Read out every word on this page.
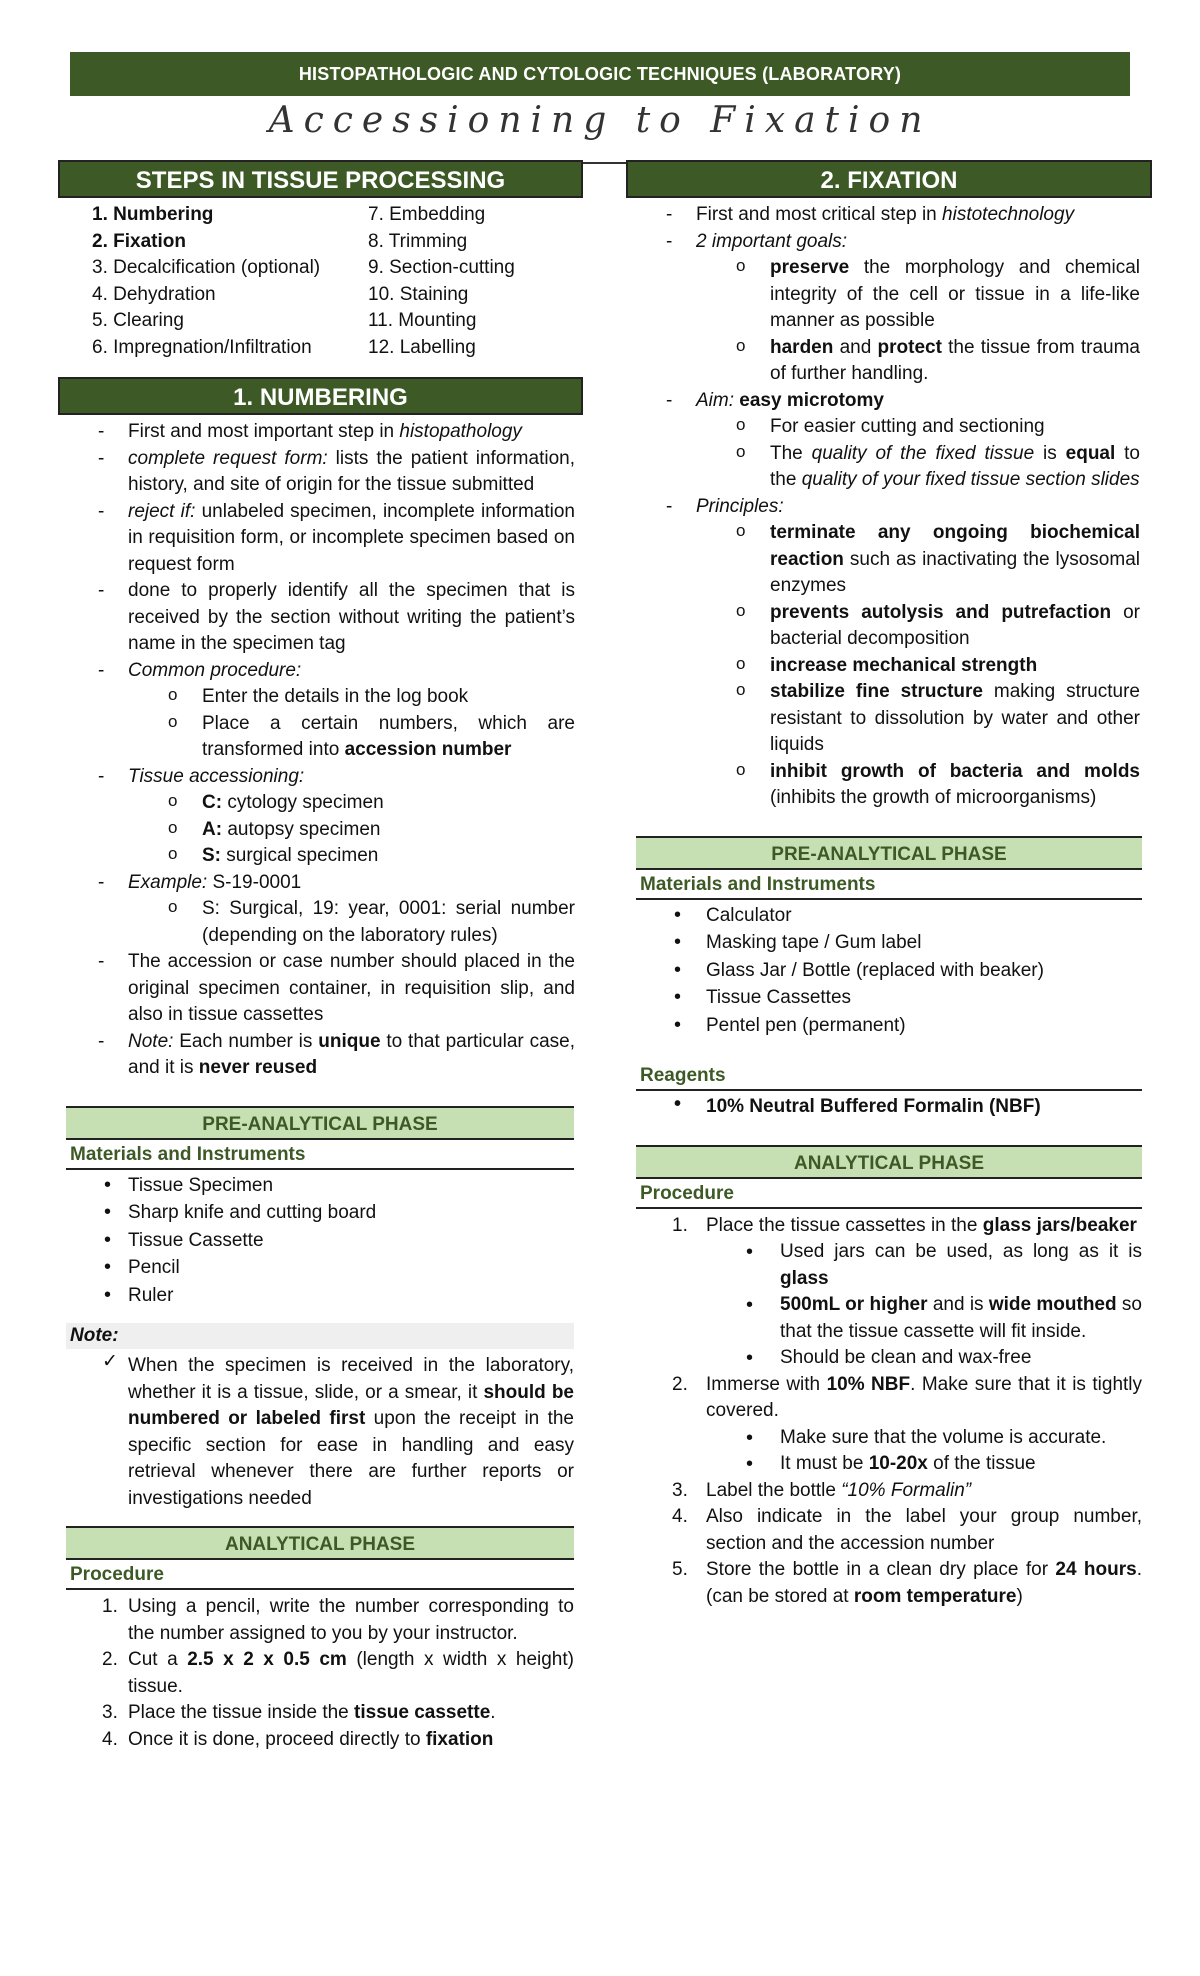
HISTOPATHOLOGIC AND CYTOLOGIC TECHNIQUES (LABORATORY)
Accessioning to Fixation
STEPS IN TISSUE PROCESSING
1. Numbering
2. Fixation
3. Decalcification (optional)
4. Dehydration
5. Clearing
6. Impregnation/Infiltration
7. Embedding
8. Trimming
9. Section-cutting
10. Staining
11. Mounting
12. Labelling
1. NUMBERING
- First and most important step in histopathology
- complete request form: lists the patient information, history, and site of origin for the tissue submitted
- reject if: unlabeled specimen, incomplete information in requisition form, or incomplete specimen based on request form
- done to properly identify all the specimen that is received by the section without writing the patient’s name in the specimen tag
- Common procedure:
o Enter the details in the log book
o Place a certain numbers, which are transformed into accession number
- Tissue accessioning:
o C: cytology specimen
o A: autopsy specimen
o S: surgical specimen
- Example: S-19-0001
o S: Surgical, 19: year, 0001: serial number (depending on the laboratory rules)
- The accession or case number should placed in the original specimen container, in requisition slip, and also in tissue cassettes
- Note: Each number is unique to that particular case, and it is never reused
PRE-ANALYTICAL PHASE
Materials and Instruments
• Tissue Specimen
• Sharp knife and cutting board
• Tissue Cassette
• Pencil
• Ruler
Note:
✓ When the specimen is received in the laboratory, whether it is a tissue, slide, or a smear, it should be numbered or labeled first upon the receipt in the specific section for ease in handling and easy retrieval whenever there are further reports or investigations needed
ANALYTICAL PHASE
Procedure
1. Using a pencil, write the number corresponding to the number assigned to you by your instructor.
2. Cut a 2.5 x 2 x 0.5 cm (length x width x height) tissue.
3. Place the tissue inside the tissue cassette.
4. Once it is done, proceed directly to fixation
2. FIXATION
- First and most critical step in histotechnology
- 2 important goals:
o preserve the morphology and chemical integrity of the cell or tissue in a life-like manner as possible
o harden and protect the tissue from trauma of further handling.
- Aim: easy microtomy
o For easier cutting and sectioning
o The quality of the fixed tissue is equal to the quality of your fixed tissue section slides
- Principles:
o terminate any ongoing biochemical reaction such as inactivating the lysosomal enzymes
o prevents autolysis and putrefaction or bacterial decomposition
o increase mechanical strength
o stabilize fine structure making structure resistant to dissolution by water and other liquids
o inhibit growth of bacteria and molds (inhibits the growth of microorganisms)
PRE-ANALYTICAL PHASE
Materials and Instruments
• Calculator
• Masking tape / Gum label
• Glass Jar / Bottle (replaced with beaker)
• Tissue Cassettes
• Pentel pen (permanent)
Reagents
• 10% Neutral Buffered Formalin (NBF)
ANALYTICAL PHASE
Procedure
1. Place the tissue cassettes in the glass jars/beaker
• Used jars can be used, as long as it is glass
• 500mL or higher and is wide mouthed so that the tissue cassette will fit inside.
• Should be clean and wax-free
2. Immerse with 10% NBF. Make sure that it is tightly covered.
• Make sure that the volume is accurate.
• It must be 10-20x of the tissue
3. Label the bottle “10% Formalin”
4. Also indicate in the label your group number, section and the accession number
5. Store the bottle in a clean dry place for 24 hours. (can be stored at room temperature)
